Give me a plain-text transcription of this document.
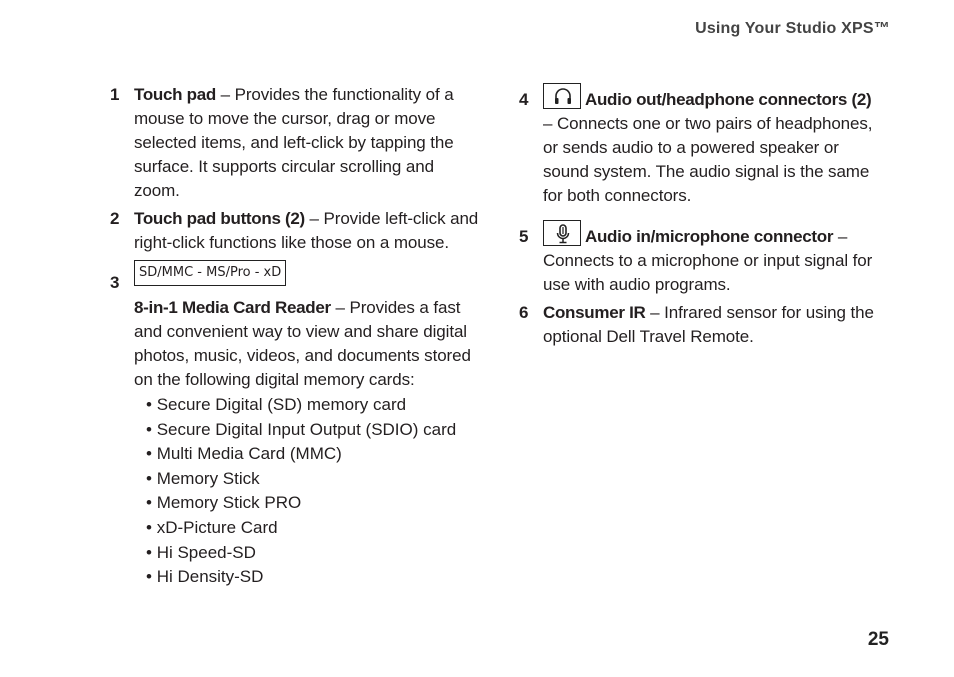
Using Your Studio XPS™
1 Touch pad – Provides the functionality of a mouse to move the cursor, drag or move selected items, and left-click by tapping the surface. It supports circular scrolling and zoom.
2 Touch pad buttons (2) – Provide left-click and right-click functions like those on a mouse.
3
SD/MMC - MS/Pro - xD
8-in-1 Media Card Reader – Provides a fast and convenient way to view and share digital photos, music, videos, and documents stored on the following digital memory cards:
• Secure Digital (SD) memory card
• Secure Digital Input Output (SDIO) card
• Multi Media Card (MMC)
• Memory Stick
• Memory Stick PRO
• xD-Picture Card
• Hi Speed-SD
• Hi Density-SD
4	Audio out/headphone connectors (2) – Connects one or two pairs of headphones, or sends audio to a powered speaker or sound system. The audio signal is the same for both connectors.
5	Audio in/microphone connector – Connects to a microphone or input signal for use with audio programs.
6 Consumer IR – Infrared sensor for using the optional Dell Travel Remote.
25
